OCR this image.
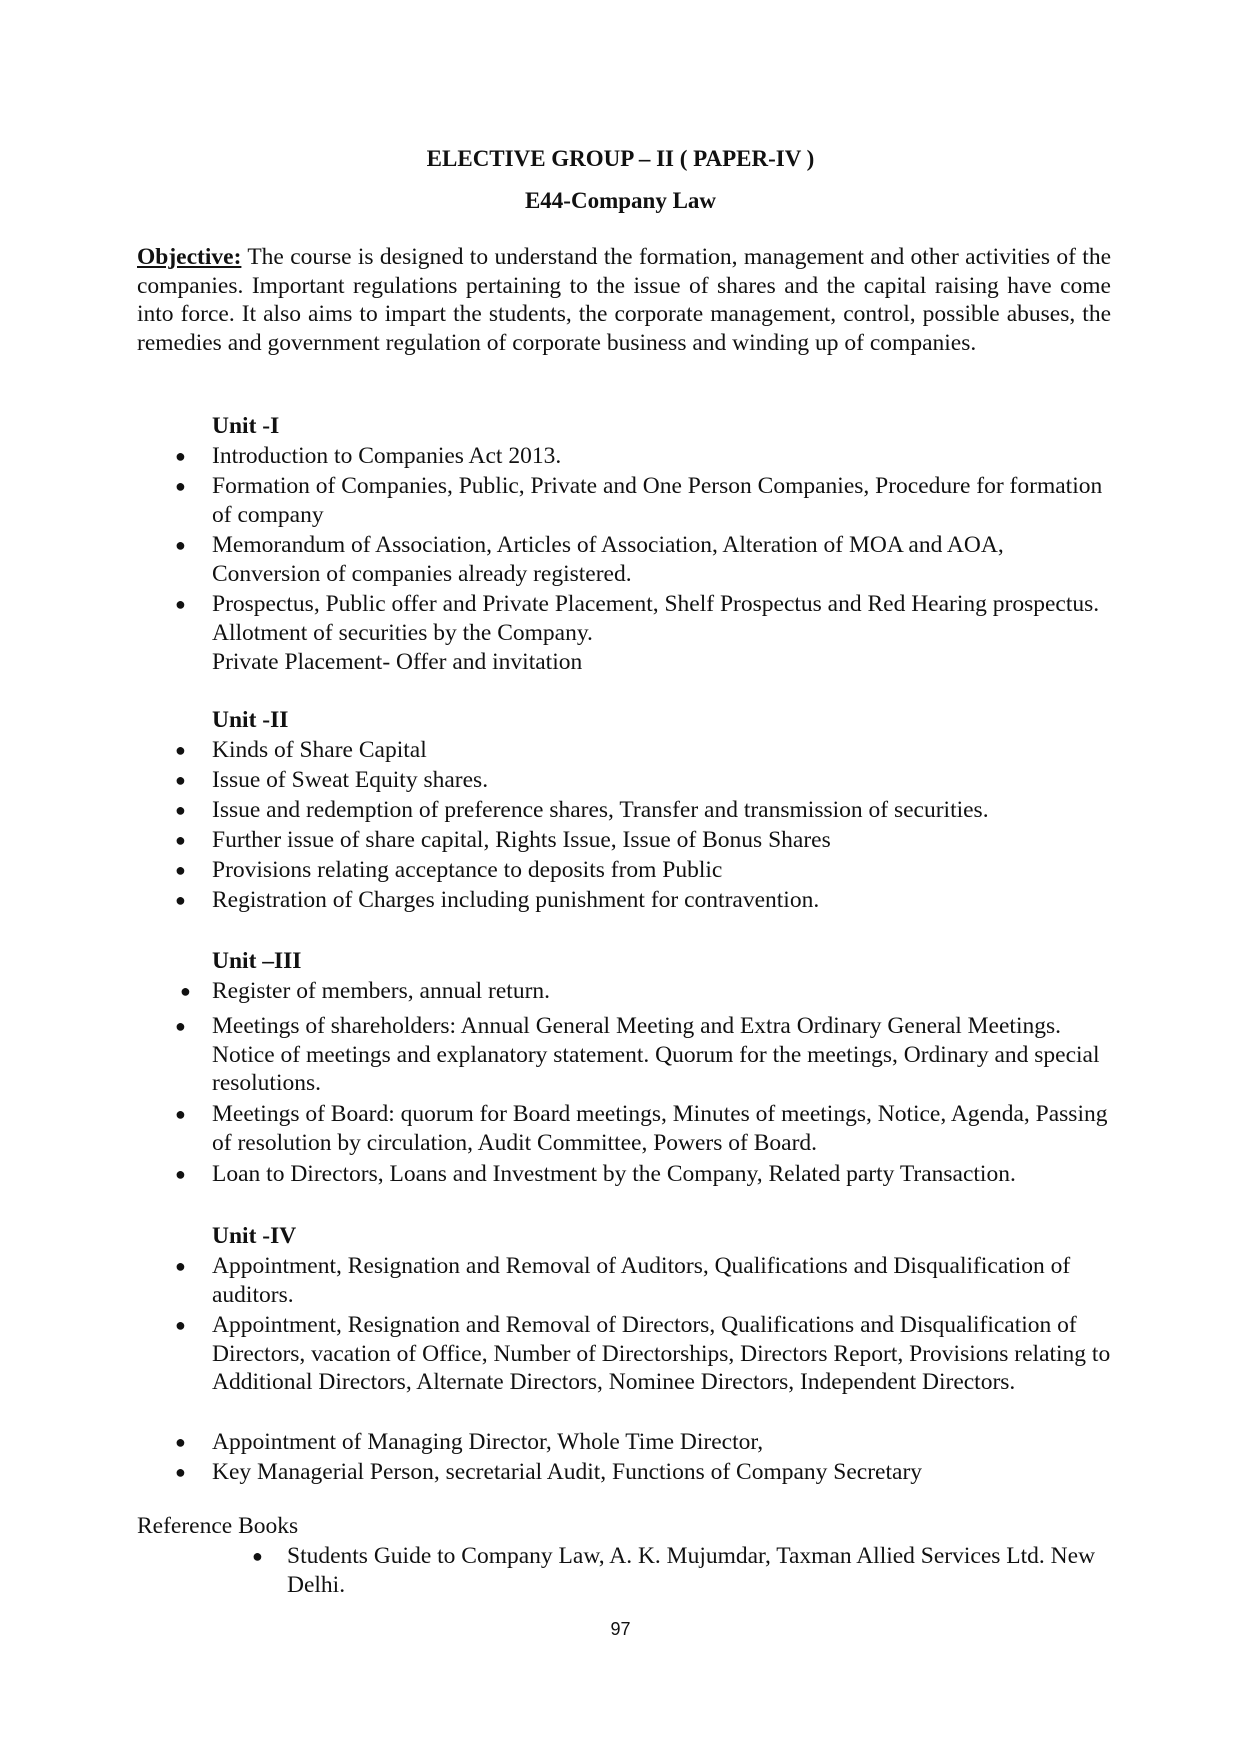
ELECTIVE GROUP – II ( PAPER-IV )
E44-Company Law
Objective: The course is designed to understand the formation, management and other activities of the companies. Important regulations pertaining to the issue of shares and the capital raising have come into force. It also aims to impart the students, the corporate management, control, possible abuses, the remedies and government regulation of corporate business and winding up of companies.
Unit -I
● Introduction to Companies Act 2013.
● Formation of Companies, Public, Private and One Person Companies, Procedure for formation of company
● Memorandum of Association, Articles of Association, Alteration of MOA and AOA, Conversion of companies already registered.
● Prospectus, Public offer and Private Placement, Shelf Prospectus and Red Hearing prospectus. Allotment of securities by the Company.
Private Placement- Offer and invitation
Unit -II
● Kinds of Share Capital
● Issue of Sweat Equity shares.
● Issue and redemption of preference shares, Transfer and transmission of securities.
● Further issue of share capital, Rights Issue, Issue of Bonus Shares
● Provisions relating acceptance to deposits from Public
● Registration of Charges including punishment for contravention.
Unit –III
● Register of members, annual return.
● Meetings of shareholders: Annual General Meeting and Extra Ordinary General Meetings. Notice of meetings and explanatory statement. Quorum for the meetings, Ordinary and special resolutions.
● Meetings of Board: quorum for Board meetings, Minutes of meetings, Notice, Agenda, Passing of resolution by circulation, Audit Committee, Powers of Board.
● Loan to Directors, Loans and Investment by the Company, Related party Transaction.
Unit -IV
● Appointment, Resignation and Removal of Auditors, Qualifications and Disqualification of auditors.
● Appointment, Resignation and Removal of Directors, Qualifications and Disqualification of Directors, vacation of Office, Number of Directorships, Directors Report, Provisions relating to Additional Directors, Alternate Directors, Nominee Directors, Independent Directors.
● Appointment of Managing Director, Whole Time Director,
● Key Managerial Person, secretarial Audit, Functions of Company Secretary
Reference Books
● Students Guide to Company Law, A. K. Mujumdar, Taxman Allied Services Ltd. New Delhi.
97
